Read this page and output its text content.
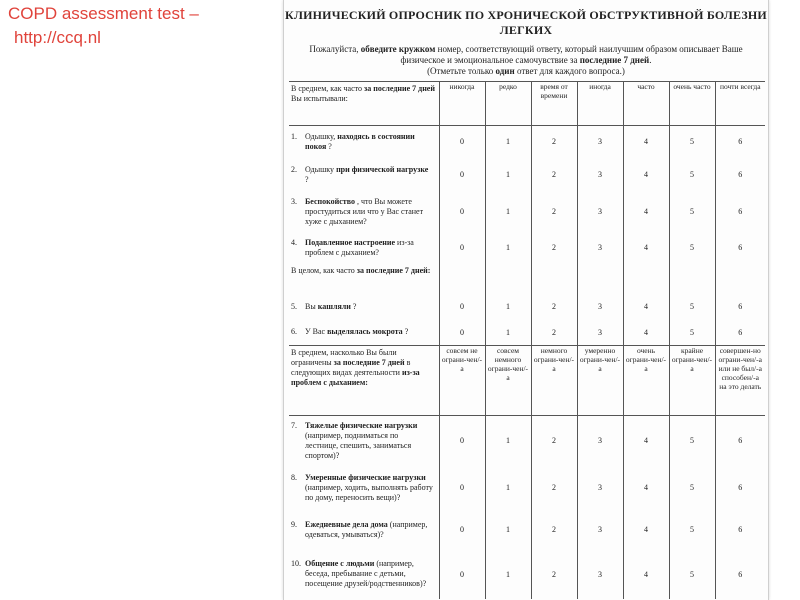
COPD assessment test –
http://ccq.nl
КЛИНИЧЕСКИЙ ОПРОСНИК ПО ХРОНИЧЕСКОЙ ОБСТРУКТИВНОЙ БОЛЕЗНИ ЛЕГКИХ
Пожалуйста, обведите кружком номер, соответствующий ответу, который наилучшим образом описывает Ваше физическое и эмоциональное самочувствие за последние 7 дней.
(Отметьте только один ответ для каждого вопроса.)
В среднем, как часто за последние 7 дней Вы испытывали:	никогда	редко	время от времени	иногда	часто	очень часто	почти всегда
1. Одышку, находясь в состоянии покоя ?	0	1	2	3	4	5	6
2. Одышку при физической нагрузке ?	0	1	2	3	4	5	6
3. Беспокойство , что Вы можете простудиться или что у Вас станет хуже с дыханием?	0	1	2	3	4	5	6
4. Подавленное настроение из-за проблем с дыханием?	0	1	2	3	4	5	6
В целом, как часто за последние 7 дней:							
5. Вы кашляли ?	0	1	2	3	4	5	6
6. У Вас выделялась мокрота ?	0	1	2	3	4	5	6
В среднем, насколько Вы были ограничены за последние 7 дней в следующих видах деятельности из-за проблем с дыханием:	совсем не ограни-чен/-а	совсем немного ограни-чен/-а	немного ограни-чен/-а	умеренно ограни-чен/-а	очень ограни-чен/-а	крайне ограни-чен/-а	совершен-но ограни-чен/-а или не был/-а способен/-а на это делать
7. Тяжелые физические нагрузки (например, подниматься по лестнице, спешить, заниматься спортом)?	0	1	2	3	4	5	6
8. Умеренные физические нагрузки (например, ходить, выполнять работу по дому, переносить вещи)?	0	1	2	3	4	5	6
9. Ежедневные дела дома (например, одеваться, умываться)?	0	1	2	3	4	5	6
10. Общение с людьми (например, беседа, пребывание с детьми, посещение друзей/родственников)?	0	1	2	3	4	5	6
